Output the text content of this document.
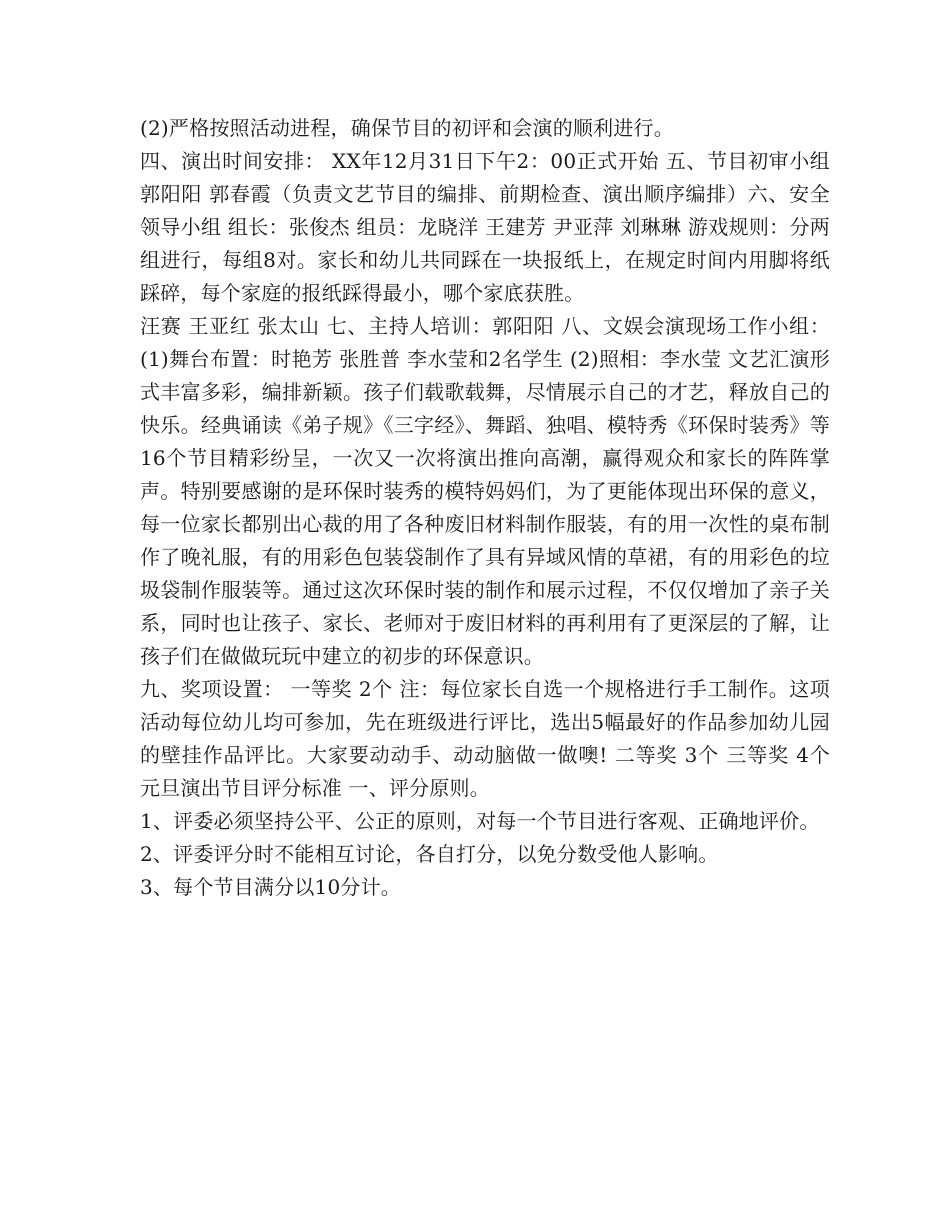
(2)严格按照活动进程，确保节目的初评和会演的顺利进行。

四、演出时间安排： XX年12月31日下午2：00正式开始 五、节目初审小组 郭阳阳 郭春霞（负责文艺节目的编排、前期检查、演出顺序编排）六、安全领导小组 组长：张俊杰 组员：龙晓洋 王建芳 尹亚萍 刘琳琳 游戏规则：分两组进行，每组8对。家长和幼儿共同踩在一块报纸上，在规定时间内用脚将纸踩碎，每个家庭的报纸踩得最小，哪个家底获胜。

汪赛 王亚红 张太山 七、主持人培训：郭阳阳 八、文娱会演现场工作小组： (1)舞台布置：时艳芳 张胜普 李水莹和2名学生 (2)照相：李水莹 文艺汇演形式丰富多彩，编排新颖。孩子们载歌载舞，尽情展示自己的才艺，释放自己的快乐。经典诵读《弟子规》《三字经》、舞蹈、独唱、模特秀《环保时装秀》等16个节目精彩纷呈，一次又一次将演出推向高潮，赢得观众和家长的阵阵掌声。特别要感谢的是环保时装秀的模特妈妈们，为了更能体现出环保的意义，每一位家长都别出心裁的用了各种废旧材料制作服装，有的用一次性的桌布制作了晚礼服，有的用彩色包装袋制作了具有异域风情的草裙，有的用彩色的垃圾袋制作服装等。通过这次环保时装的制作和展示过程，不仅仅增加了亲子关系，同时也让孩子、家长、老师对于废旧材料的再利用有了更深层的了解，让孩子们在做做玩玩中建立的初步的环保意识。

九、奖项设置： 一等奖 2个 注：每位家长自选一个规格进行手工制作。这项活动每位幼儿均可参加，先在班级进行评比，选出5幅最好的作品参加幼儿园的壁挂作品评比。大家要动动手、动动脑做一做噢! 二等奖 3个 三等奖 4个 元旦演出节目评分标准 一、评分原则。

1、评委必须坚持公平、公正的原则，对每一个节目进行客观、正确地评价。

2、评委评分时不能相互讨论，各自打分，以免分数受他人影响。

3、每个节目满分以10分计。
